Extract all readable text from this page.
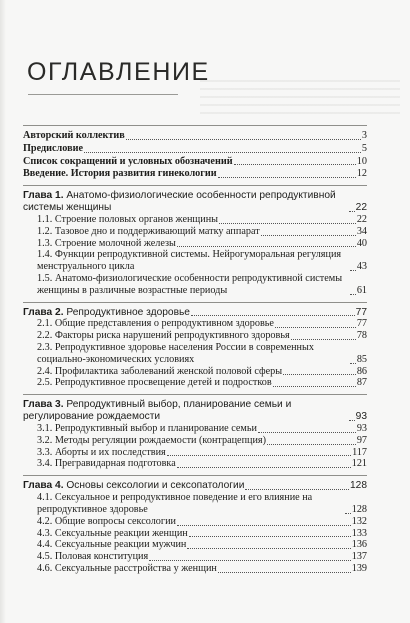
ОГЛАВЛЕНИЕ
Авторский коллектив	3
Предисловие	5
Список сокращений и условных обозначений	10
Введение. История развития гинекологии	12
Глава 1. Анатомо-физиологические особенности репродуктивной системы женщины	22
1.1. Строение половых органов женщины	22
1.2. Тазовое дно и поддерживающий матку аппарат	34
1.3. Строение молочной железы	40
1.4. Функции репродуктивной системы. Нейрогуморальная регуляция менструального цикла	43
1.5. Анатомо-физиологические особенности репродуктивной системы женщины в различные возрастные периоды	61
Глава 2. Репродуктивное здоровье	77
2.1. Общие представления о репродуктивном здоровье	77
2.2. Факторы риска нарушений репродуктивного здоровья	78
2.3. Репродуктивное здоровье населения России в современных социально-экономических условиях	85
2.4. Профилактика заболеваний женской половой сферы	86
2.5. Репродуктивное просвещение детей и подростков	87
Глава 3. Репродуктивный выбор, планирование семьи и регулирование рождаемости	93
3.1. Репродуктивный выбор и планирование семьи	93
3.2. Методы регуляции рождаемости (контрацепция)	97
3.3. Аборты и их последствия	117
3.4. Прегравидарная подготовка	121
Глава 4. Основы сексологии и сексопатологии	128
4.1. Сексуальное и репродуктивное поведение и его влияние на репродуктивное здоровье	128
4.2. Общие вопросы сексологии	132
4.3. Сексуальные реакции женщин	133
4.4. Сексуальные реакции мужчин	136
4.5. Половая конституция	137
4.6. Сексуальные расстройства у женщин	139
